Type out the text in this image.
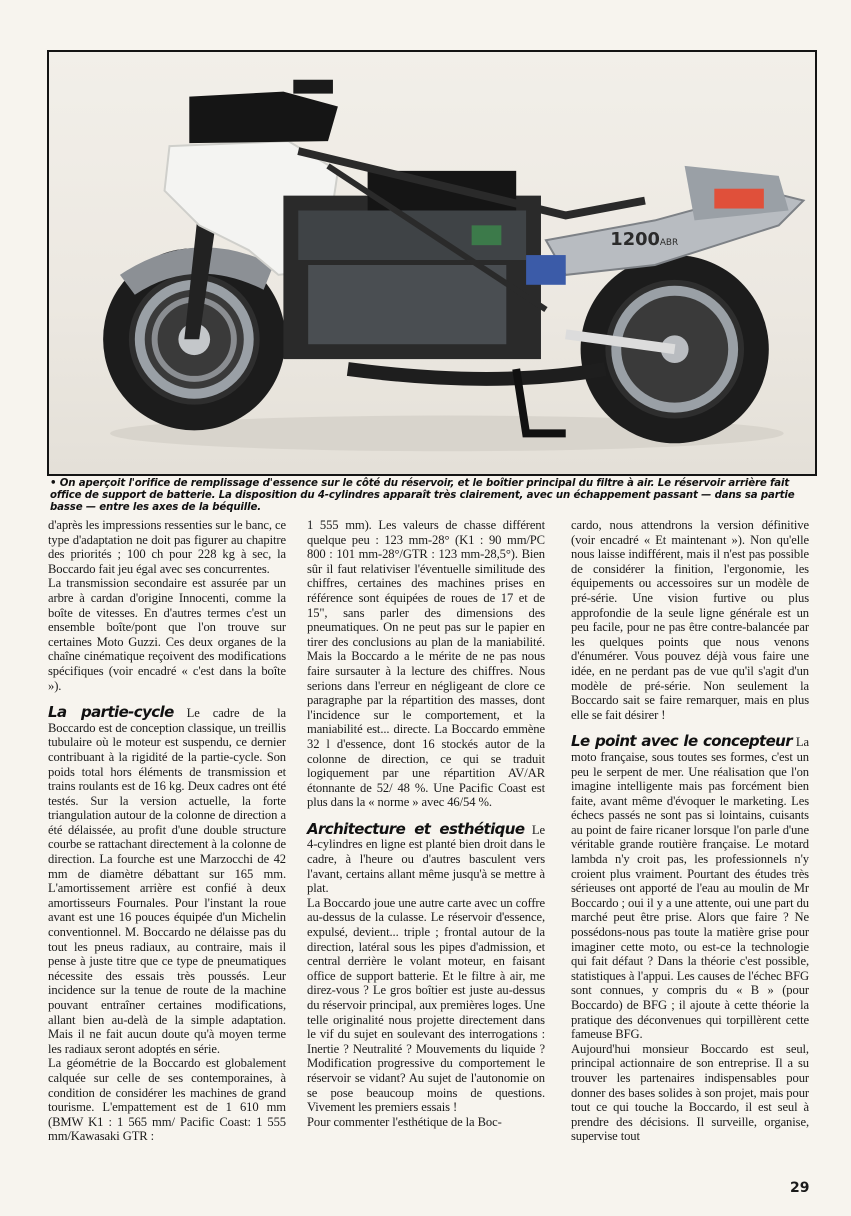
1200 ABR
• On aperçoit l'orifice de remplissage d'essence sur le côté du réservoir, et le boîtier principal du filtre à air. Le réservoir arrière fait office de support de batterie. La disposition du 4-cylindres apparaît très clairement, avec un échappement passant — dans sa partie basse — entre les axes de la béquille.

d'après les impressions ressenties sur le banc, ce type d'adaptation ne doit pas figurer au chapitre des priorités ; 100 ch pour 228 kg à sec, la Boccardo fait jeu égal avec ses concurrentes.

La transmission secondaire est assurée par un arbre à cardan d'origine Innocenti, comme la boîte de vitesses. En d'autres termes c'est un ensemble boîte/pont que l'on trouve sur certaines Moto Guzzi. Ces deux organes de la chaîne cinématique reçoivent des modifications spécifiques (voir encadré « c'est dans la boîte »).

La partie-cycle Le cadre de la Boccardo est de conception classique, un treillis tubulaire où le moteur est suspendu, ce dernier contribuant à la rigidité de la partie-cycle. Son poids total hors éléments de transmission et trains roulants est de 16 kg. Deux cadres ont été testés. Sur la version actuelle, la forte triangulation autour de la colonne de direction a été délaissée, au profit d'une double structure courbe se rattachant directement à la colonne de direction. La fourche est une Marzocchi de 42 mm de diamètre débattant sur 165 mm. L'amortissement arrière est confié à deux amortisseurs Fournales. Pour l'instant la roue avant est une 16 pouces équipée d'un Michelin conventionnel. M. Boccardo ne délaisse pas du tout les pneus radiaux, au contraire, mais il pense à juste titre que ce type de pneumatiques nécessite des essais très poussés. Leur incidence sur la tenue de route de la machine pouvant entraîner certaines modifications, allant bien au-delà de la simple adaptation. Mais il ne fait aucun doute qu'à moyen terme les radiaux seront adoptés en série.

La géométrie de la Boccardo est globalement calquée sur celle de ses contemporaines, à condition de considérer les machines de grand tourisme. L'empattement est de 1 610 mm (BMW K1 : 1 565 mm/ Pacific Coast: 1 555 mm/Kawasaki GTR :

1 555 mm). Les valeurs de chasse différent quelque peu : 123 mm-28° (K1 : 90 mm/PC 800 : 101 mm-28°/GTR : 123 mm-28,5°). Bien sûr il faut relativiser l'éventuelle similitude des chiffres, certaines des machines prises en référence sont équipées de roues de 17 et de 15", sans parler des dimensions des pneumatiques. On ne peut pas sur le papier en tirer des conclusions au plan de la maniabilité. Mais la Boccardo a le mérite de ne pas nous faire sursauter à la lecture des chiffres. Nous serions dans l'erreur en négligeant de clore ce paragraphe par la répartition des masses, dont l'incidence sur le comportement, et la maniabilité est... directe. La Boccardo emmène 32 l d'essence, dont 16 stockés autor de la colonne de direction, ce qui se traduit logiquement par une répartition AV/AR étonnante de 52/ 48 %. Une Pacific Coast est plus dans la « norme » avec 46/54 %.

Architecture et esthétique Le 4-cylindres en ligne est planté bien droit dans le cadre, à l'heure ou d'autres basculent vers l'avant, certains allant même jusqu'à se mettre à plat.

La Boccardo joue une autre carte avec un coffre au-dessus de la culasse. Le réservoir d'essence, expulsé, devient... triple ; frontal autour de la direction, latéral sous les pipes d'admission, et central derrière le volant moteur, en faisant office de support batterie. Et le filtre à air, me direz-vous ? Le gros boîtier est juste au-dessus du réservoir principal, aux premières loges. Une telle originalité nous projette directement dans le vif du sujet en soulevant des interrogations : Inertie ? Neutralité ? Mouvements du liquide ? Modification progressive du comportement le réservoir se vidant? Au sujet de l'autonomie on se pose beaucoup moins de questions. Vivement les premiers essais !

Pour commenter l'esthétique de la Boc-

cardo, nous attendrons la version définitive (voir encadré « Et maintenant »). Non qu'elle nous laisse indifférent, mais il n'est pas possible de considérer la finition, l'ergonomie, les équipements ou accessoires sur un modèle de pré-série. Une vision furtive ou plus approfondie de la seule ligne générale est un peu facile, pour ne pas être contre-balancée par les quelques points que nous venons d'énumérer. Vous pouvez déjà vous faire une idée, en ne perdant pas de vue qu'il s'agit d'un modèle de pré-série. Non seulement la Boccardo sait se faire remarquer, mais en plus elle se fait désirer !

Le point avec le concepteur La moto française, sous toutes ses formes, c'est un peu le serpent de mer. Une réalisation que l'on imagine intelligente mais pas forcément bien faite, avant même d'évoquer le marketing. Les échecs passés ne sont pas si lointains, cuisants au point de faire ricaner lorsque l'on parle d'une véritable grande routière française. Le motard lambda n'y croit pas, les professionnels n'y croient plus vraiment. Pourtant des études très sérieuses ont apporté de l'eau au moulin de Mr Boccardo ; oui il y a une attente, oui une part du marché peut être prise. Alors que faire ? Ne possédons-nous pas toute la matière grise pour imaginer cette moto, ou est-ce la technologie qui fait défaut ? Dans la théorie c'est possible, statistiques à l'appui. Les causes de l'échec BFG sont connues, y compris du « B » (pour Boccardo) de BFG ; il ajoute à cette théorie la pratique des déconvenues qui torpillèrent cette fameuse BFG.

Aujourd'hui monsieur Boccardo est seul, principal actionnaire de son entreprise. Il a su trouver les partenaires indispensables pour donner des bases solides à son projet, mais pour tout ce qui touche la Boccardo, il est seul à prendre des décisions. Il surveille, organise, supervise tout

29
